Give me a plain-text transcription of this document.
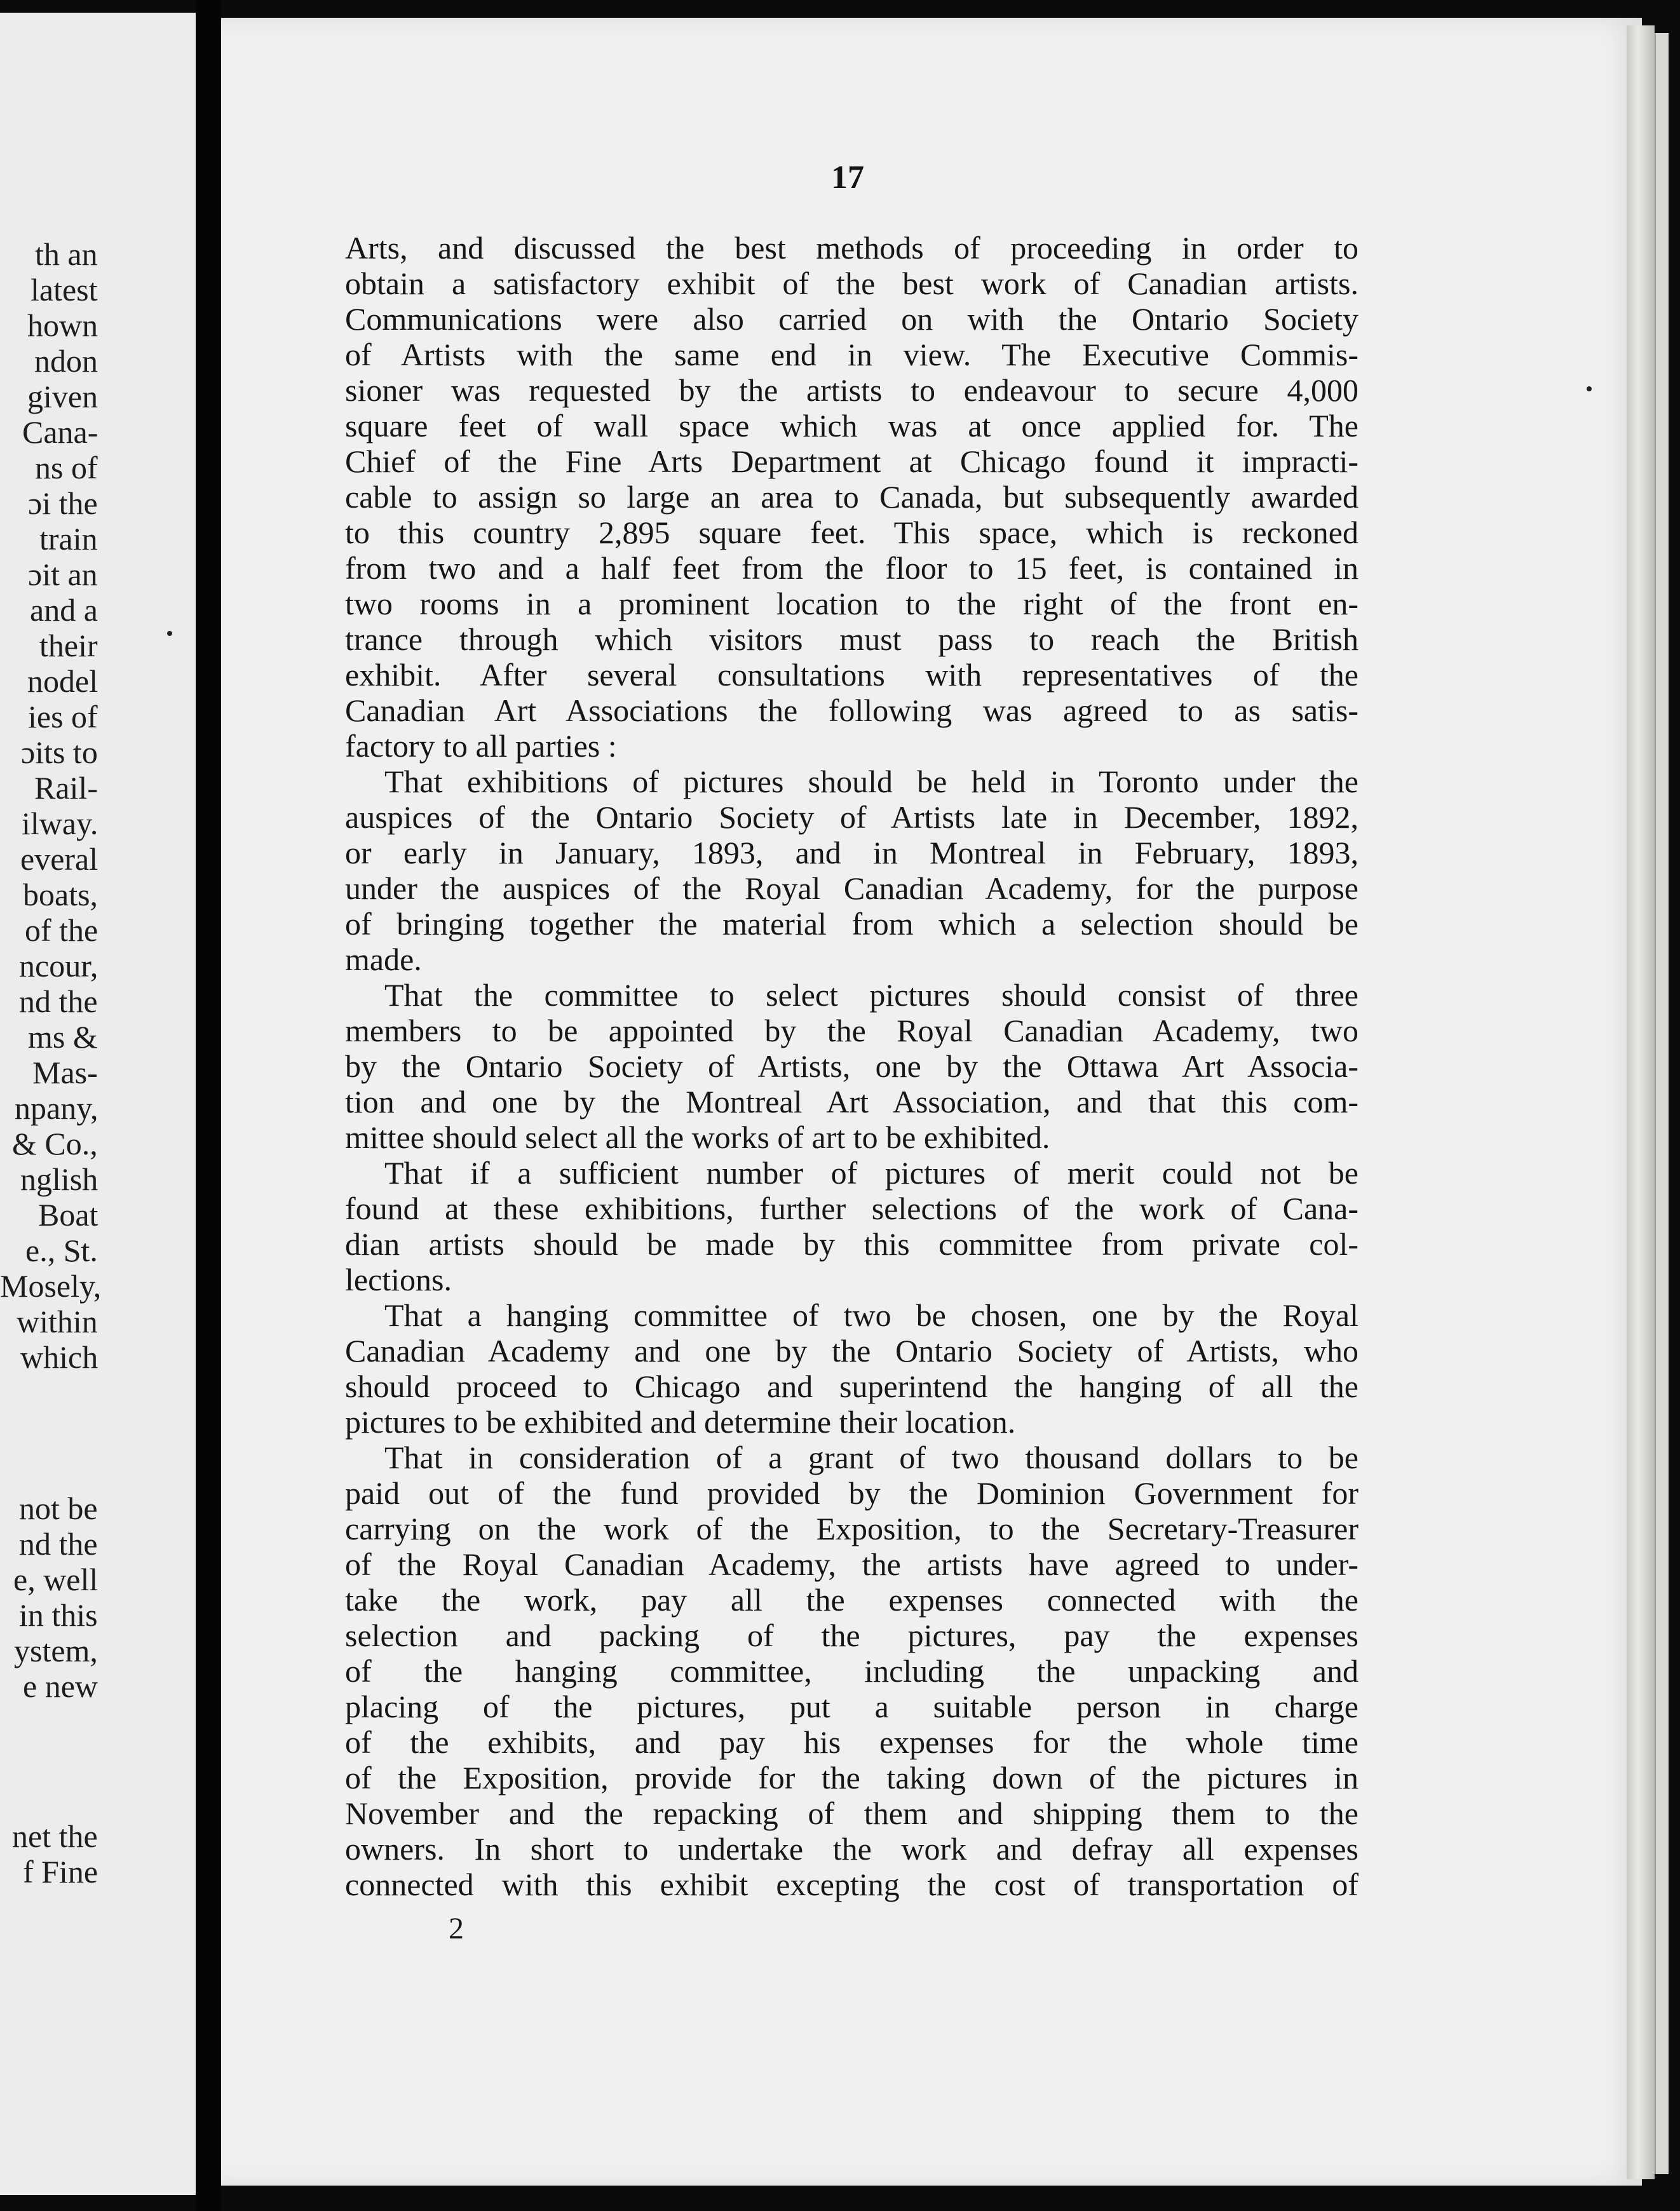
th an
latest
hown
ndon
given
Cana-
ns of
ɔi the
train
ɔit an
and a
their
nodel
ies of
ɔits to
Rail-
ilway.
everal
boats,
of the
ncour,
nd the
ms &
Mas-
npany,
& Co.,
nglish
Boat
e., St.
Mosely,
within
which
not be
nd the
e, well
in this
ystem,
e new
net the
f Fine
17
Arts, and discussed the best methods of proceeding in order to
obtain a satisfactory exhibit of the best work of Canadian artists.
Communications were also carried on with the Ontario Society
of Artists with the same end in view. The Executive Commis-
sioner was requested by the artists to endeavour to secure 4,000
square feet of wall space which was at once applied for. The
Chief of the Fine Arts Department at Chicago found it impracti-
cable to assign so large an area to Canada, but subsequently awarded
to this country 2,895 square feet. This space, which is reckoned
from two and a half feet from the floor to 15 feet, is contained in
two rooms in a prominent location to the right of the front en-
trance through which visitors must pass to reach the British
exhibit. After several consultations with representatives of the
Canadian Art Associations the following was agreed to as satis-
factory to all parties :
That exhibitions of pictures should be held in Toronto under the
auspices of the Ontario Society of Artists late in December, 1892,
or early in January, 1893, and in Montreal in February, 1893,
under the auspices of the Royal Canadian Academy, for the purpose
of bringing together the material from which a selection should be
made.
That the committee to select pictures should consist of three
members to be appointed by the Royal Canadian Academy, two
by the Ontario Society of Artists, one by the Ottawa Art Associa-
tion and one by the Montreal Art Association, and that this com-
mittee should select all the works of art to be exhibited.
That if a sufficient number of pictures of merit could not be
found at these exhibitions, further selections of the work of Cana-
dian artists should be made by this committee from private col-
lections.
That a hanging committee of two be chosen, one by the Royal
Canadian Academy and one by the Ontario Society of Artists, who
should proceed to Chicago and superintend the hanging of all the
pictures to be exhibited and determine their location.
That in consideration of a grant of two thousand dollars to be
paid out of the fund provided by the Dominion Government for
carrying on the work of the Exposition, to the Secretary-Treasurer
of the Royal Canadian Academy, the artists have agreed to under-
take the work, pay all the expenses connected with the
selection and packing of the pictures, pay the expenses
of the hanging committee, including the unpacking and
placing of the pictures, put a suitable person in charge
of the exhibits, and pay his expenses for the whole time
of the Exposition, provide for the taking down of the pictures in
November and the repacking of them and shipping them to the
owners. In short to undertake the work and defray all expenses
connected with this exhibit excepting the cost of transportation of
2
